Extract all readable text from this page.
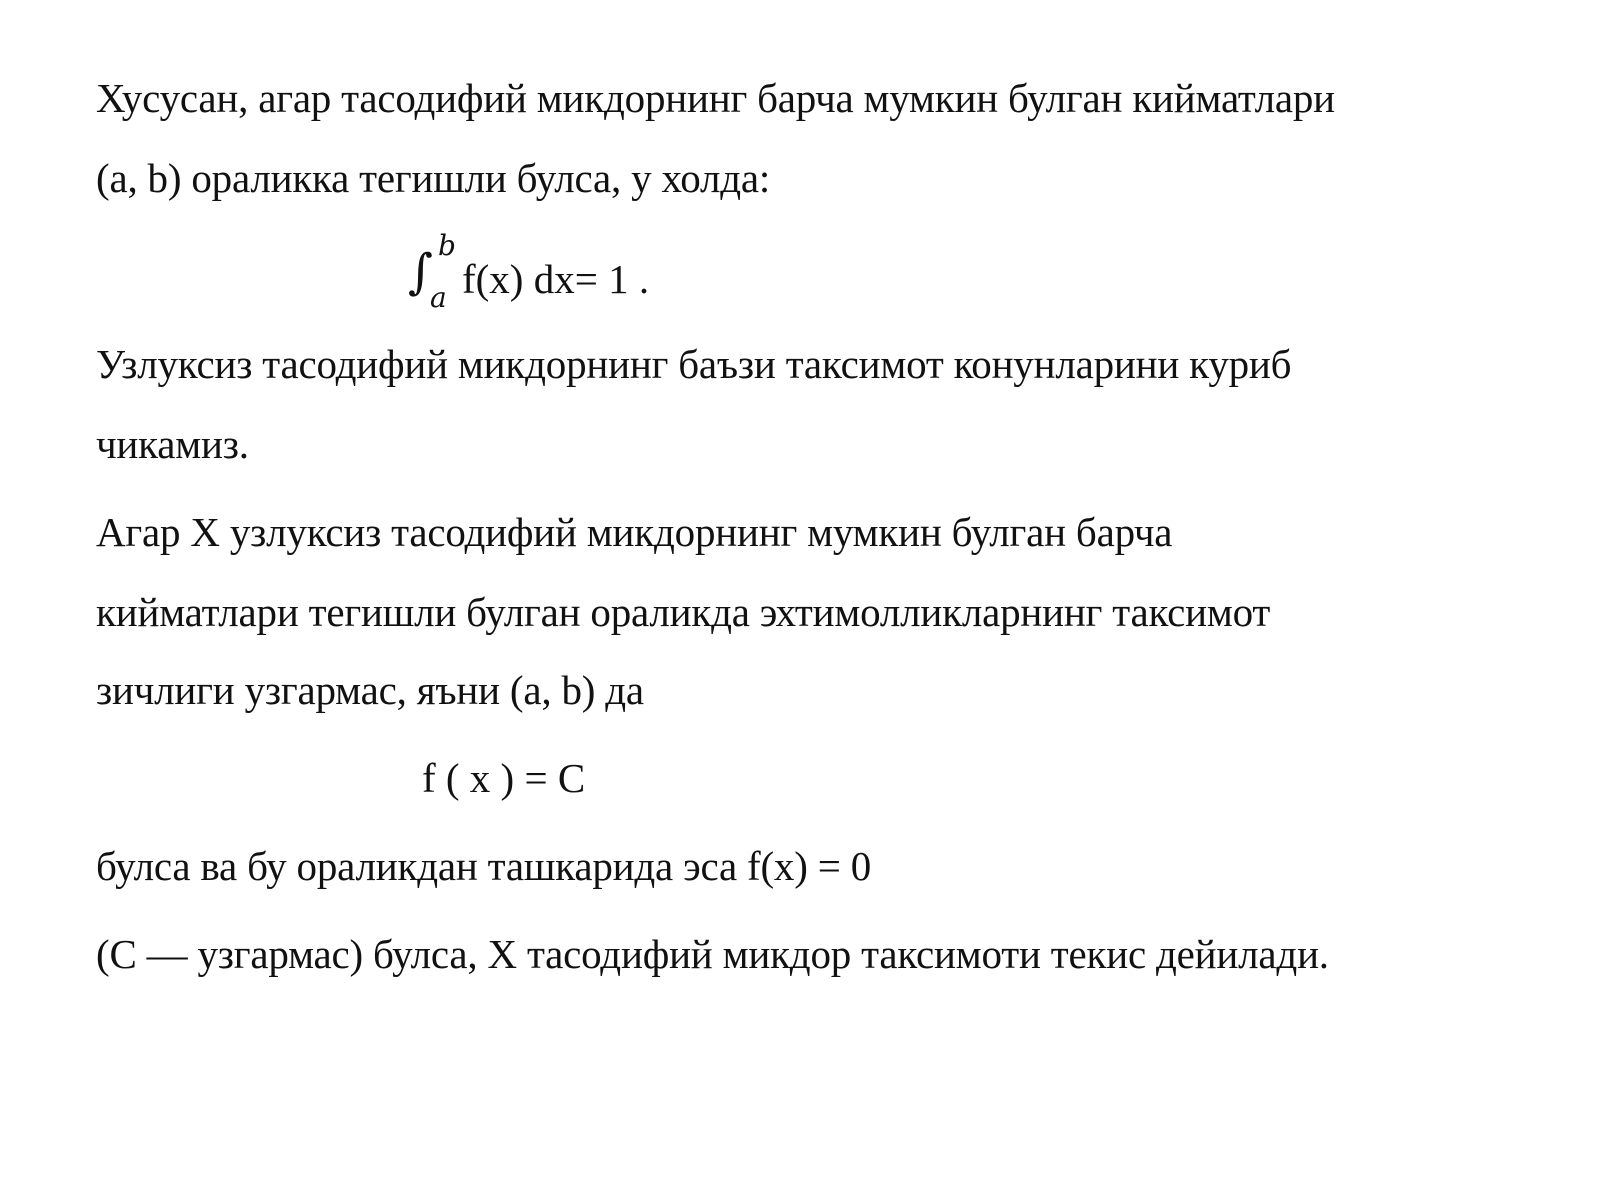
Хусусан, агар тасодифий микдорнинг барча мумкин булган кийматлари
(a, b) ораликка тегишли булса, у холда:
∫ b
a f(x) dx= 1 .
Узлуксиз тасодифий микдорнинг баъзи таксимот конунларини куриб
чикамиз.
Агар X узлуксиз тасодифий микдорнинг мумкин булган барча
кийматлари тегишли булган ораликда эхтимолликларнинг таксимот
зичлиги узгармас, яъни (a, b) да
f ( x ) = C
булса ва бу ораликдан ташкарида эса f(x) = 0
(C — узгармас) булса, X тасодифий микдор таксимоти текис дейилади.
